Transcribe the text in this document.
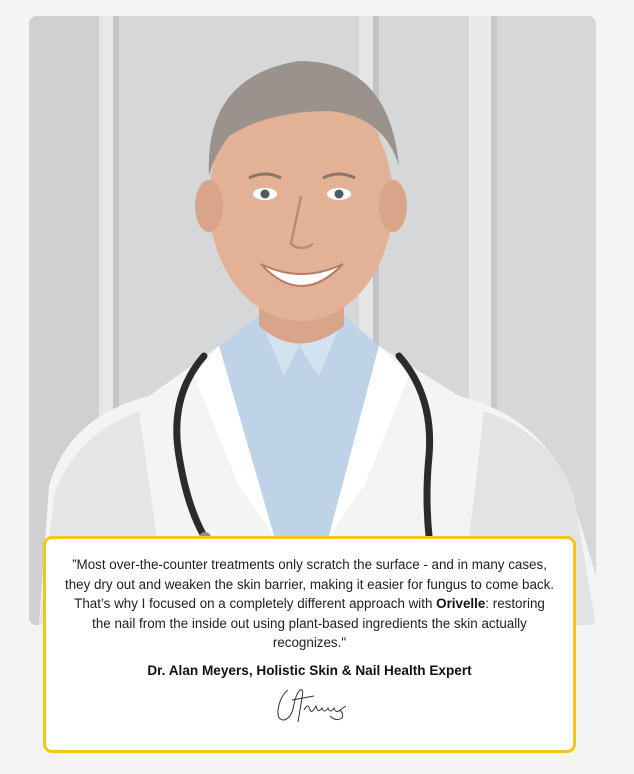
”Most over-the-counter treatments only scratch the surface - and in many cases, they dry out and weaken the skin barrier, making it easier for fungus to come back. That’s why I focused on a completely different approach with Orivelle: restoring the nail from the inside out using plant-based ingredients the skin actually recognizes."

Dr. Alan Meyers, Holistic Skin & Nail Health Expert
